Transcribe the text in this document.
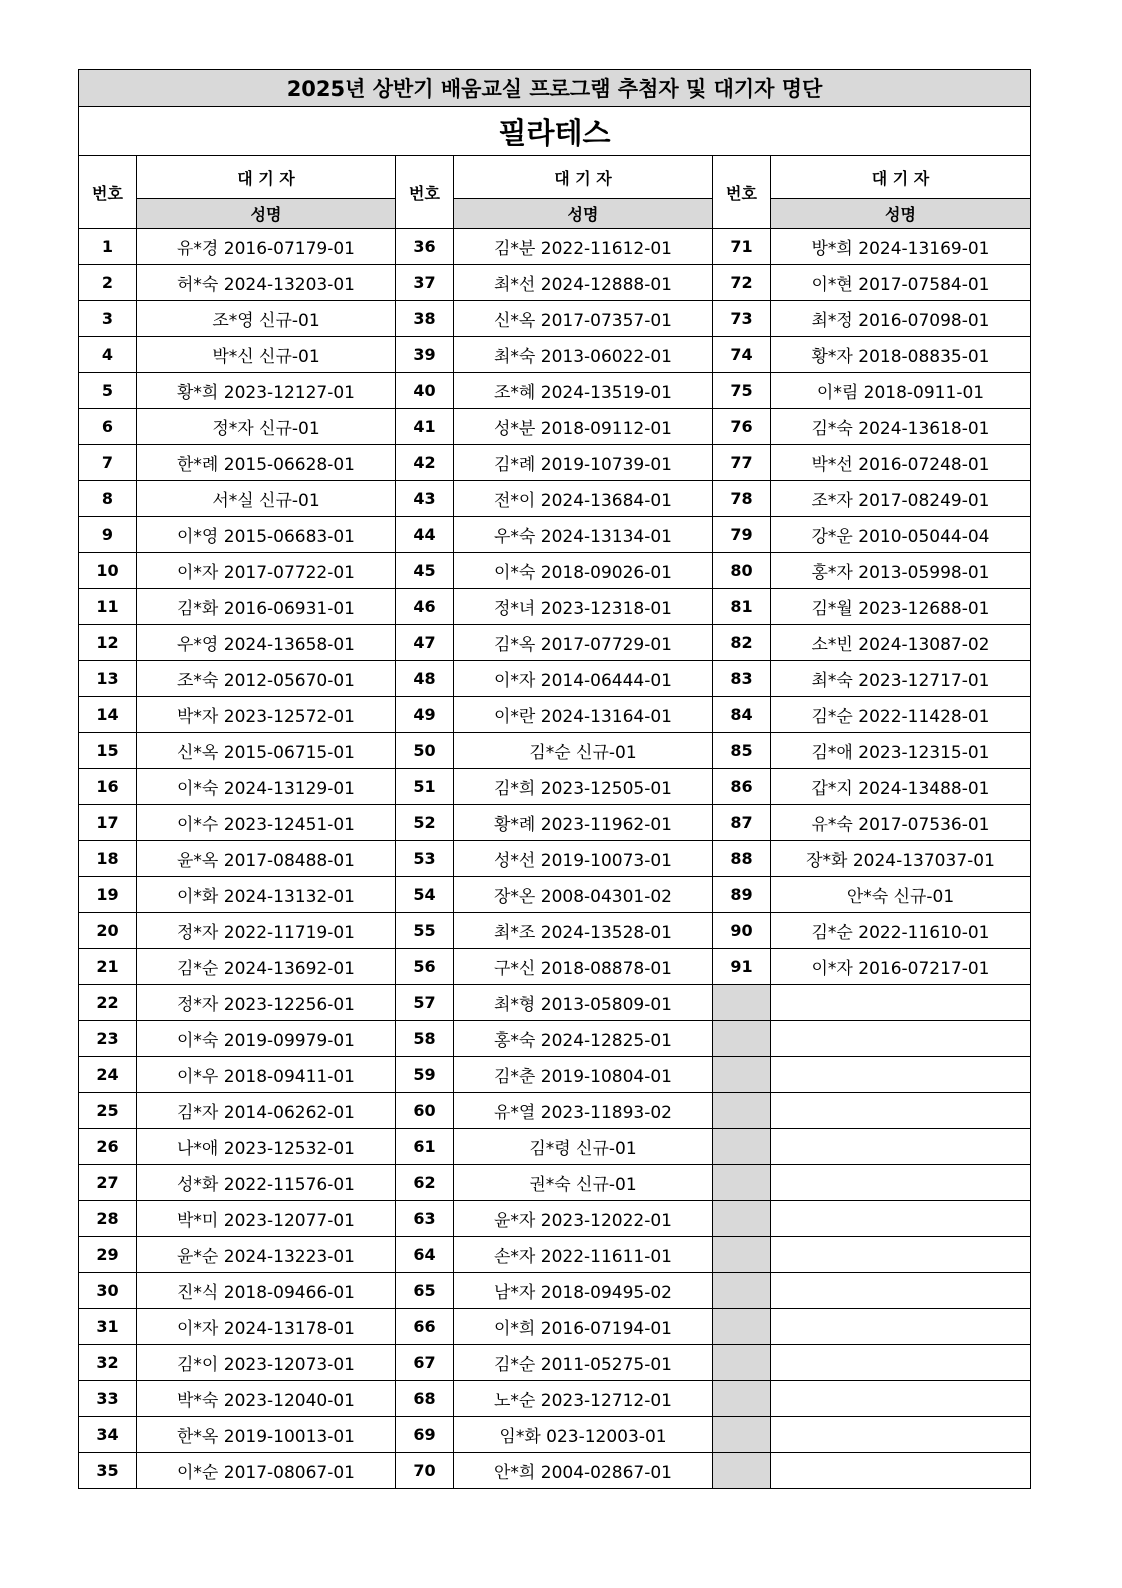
2025년 상반기 배움교실 프로그램 추첨자 및 대기자 명단					
필라테스					
번호	대 기 자	번호	대 기 자	번호	대 기 자
	성명		성명		성명
1	유*경 2016-07179-01	36	김*분 2022-11612-01	71	방*희 2024-13169-01
2	허*숙 2024-13203-01	37	최*선 2024-12888-01	72	이*현 2017-07584-01
3	조*영 신규-01	38	신*옥 2017-07357-01	73	최*정 2016-07098-01
4	박*신 신규-01	39	최*숙 2013-06022-01	74	황*자 2018-08835-01
5	황*희 2023-12127-01	40	조*혜 2024-13519-01	75	이*림 2018-0911-01
6	정*자 신규-01	41	성*분 2018-09112-01	76	김*숙 2024-13618-01
7	한*례 2015-06628-01	42	김*례 2019-10739-01	77	박*선 2016-07248-01
8	서*실 신규-01	43	전*이 2024-13684-01	78	조*자 2017-08249-01
9	이*영 2015-06683-01	44	우*숙 2024-13134-01	79	강*운 2010-05044-04
10	이*자 2017-07722-01	45	이*숙 2018-09026-01	80	홍*자 2013-05998-01
11	김*화 2016-06931-01	46	정*녀 2023-12318-01	81	김*월 2023-12688-01
12	우*영 2024-13658-01	47	김*옥 2017-07729-01	82	소*빈 2024-13087-02
13	조*숙 2012-05670-01	48	이*자 2014-06444-01	83	최*숙 2023-12717-01
14	박*자 2023-12572-01	49	이*란 2024-13164-01	84	김*순 2022-11428-01
15	신*옥 2015-06715-01	50	김*순 신규-01	85	김*애 2023-12315-01
16	이*숙 2024-13129-01	51	김*희 2023-12505-01	86	갑*지 2024-13488-01
17	이*수 2023-12451-01	52	황*례 2023-11962-01	87	유*숙 2017-07536-01
18	윤*옥 2017-08488-01	53	성*선 2019-10073-01	88	장*화 2024-137037-01
19	이*화 2024-13132-01	54	장*온 2008-04301-02	89	안*숙 신규-01
20	정*자 2022-11719-01	55	최*조 2024-13528-01	90	김*순 2022-11610-01
21	김*순 2024-13692-01	56	구*신 2018-08878-01	91	이*자 2016-07217-01
22	정*자 2023-12256-01	57	최*형 2013-05809-01		
23	이*숙 2019-09979-01	58	홍*숙 2024-12825-01		
24	이*우 2018-09411-01	59	김*춘 2019-10804-01		
25	김*자 2014-06262-01	60	유*열 2023-11893-02		
26	나*애 2023-12532-01	61	김*령 신규-01		
27	성*화 2022-11576-01	62	권*숙 신규-01		
28	박*미 2023-12077-01	63	윤*자 2023-12022-01		
29	윤*순 2024-13223-01	64	손*자 2022-11611-01		
30	진*식 2018-09466-01	65	남*자 2018-09495-02		
31	이*자 2024-13178-01	66	이*희 2016-07194-01		
32	김*이 2023-12073-01	67	김*순 2011-05275-01		
33	박*숙 2023-12040-01	68	노*순 2023-12712-01		
34	한*옥 2019-10013-01	69	임*화 023-12003-01		
35	이*순 2017-08067-01	70	안*희 2004-02867-01		
